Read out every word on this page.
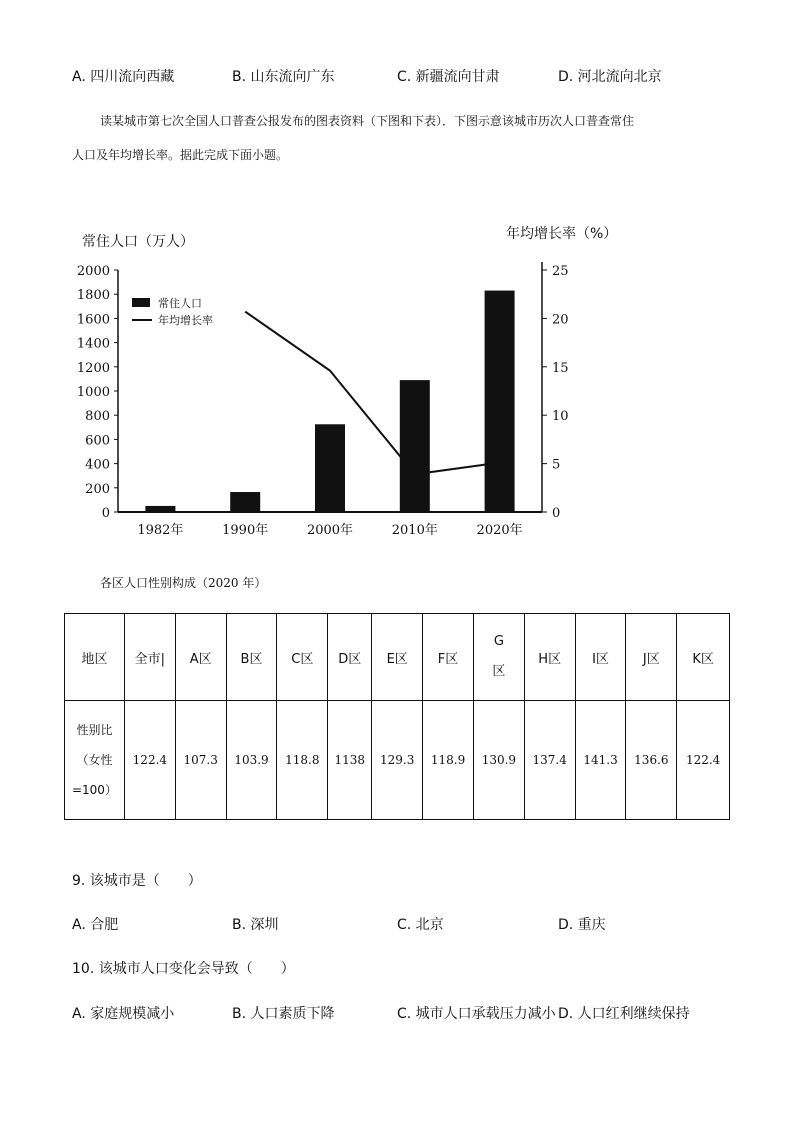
A. 四川流向西藏	B. 山东流向广东	C. 新疆流向甘肃	D. 河北流向北京

读某城市第七次全国人口普查公报发布的图表资料（下图和下表）．下图示意该城市历次人口普查常住

人口及年均增长率。据此完成下面小题。

常住人口（万人）	年均增长率（%）
0
200
400
600
800
1000
1200
1400
1600
1800
2000
0
5
10
15
20
25
1982年	1990年	2000年	2010年	2020年
常住人口
年均增长率
各区人口性别构成（2020 年）
地区	全市|	A区	B区	C区	D区	E区	F区	G
区	H区	Ⅰ区	J区	K区

性别比
（女性
=100）	122.4	107.3	103.9	118.8	1138	129.3	118.9	130.9	137.4	141.3	136.6	122.4
9. 该城市是（　　）
A. 合肥	B. 深圳	C. 北京	D. 重庆
10. 该城市人口变化会导致（　　）
A. 家庭规模减小	B. 人口素质下降	C. 城市人口承载压力减小 D. 人口红利继续保持
